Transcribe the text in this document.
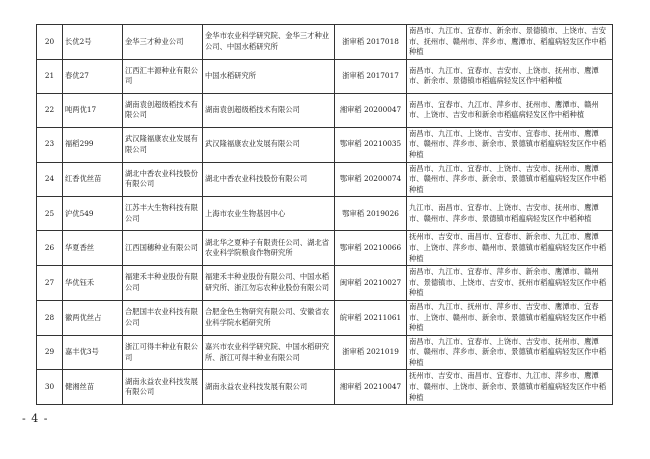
20	长优2号	金华三才种业公司	金华市农业科学研究院、金华三才种业公司、中国水稻研究所	浙审稻 2017018	南昌市、九江市、宜春市、新余市、景德镇市、上饶市、吉安市、抚州市、赣州市、萍乡市、鹰潭市、稻瘟病轻发区作中稻种植
21	春优27	江西汇丰源种业有限公司	中国水稻研究所	浙审稻 2017017	南昌市、九江市、宜春市、吉安市、上饶市、抚州市、鹰潭市、新余市、景德镇市稻瘟病轻发区作中稻种植
22	吨两优17	湖南袁创超级稻技术有限公司	湖南袁创超级稻技术有限公司	湘审稻 20200047	南昌市、宜春市、九江市、萍乡市、抚州市、鹰潭市、赣州市、上饶市、吉安市和新余市稻瘟病轻发区作中稻种植
23	福稻299	武汉隆福康农业发展有限公司	武汉隆福康农业发展有限公司	鄂审稻 20210035	南昌市、九江市、上饶市、吉安市、宜春市、抚州市、鹰潭市、赣州市、萍乡市、新余市、景德镇市稻瘟病轻发区作中稻种植
24	红香优丝苗	湖北中香农业科技股份有限公司	湖北中香农业科技股份有限公司	鄂审稻 20200074	南昌市、九江市、宜春市、上饶市、吉安市、抚州市、鹰潭市、赣州市、萍乡市、新余市、景德镇市稻瘟病轻发区作中稻种植
25	沪优549	江苏丰大生物科技有限公司	上海市农业生物基因中心	鄂审稻 2019026	九江市、南昌市、宜春市、上饶市、吉安市、抚州市、鹰潭市、赣州市、萍乡市、景德镇市稻瘟病轻发区作中稻种植
26	华夏香丝	江西国穗种业有限公司	湖北华之夏种子有限责任公司、湖北省农业科学院粮食作物研究所	鄂审稻 20210066	抚州市、吉安市、南昌市、宜春市、新余市、九江市、鹰潭市、上饶市、萍乡市、赣州市、景德镇市稻瘟病轻发区作中稻种植
27	华优钰禾	福建禾丰种业股份有限公司	福建禾丰种业股份有限公司、中国水稻研究所、浙江勿忘农种业股份有限公司	闽审稻 20210027	南昌市、九江市、宜春市、萍乡市、新余市、鹰潭市、赣州市、景德镇市、上饶市、吉安市、抚州市稻瘟病轻发区作中稻种植
28	徽两优丝占	合肥国丰农业科技有限公司	合肥金色生物研究有限公司、安徽省农业科学院水稻研究所	皖审稻 20211061	南昌市、九江市、抚州市、萍乡市、吉安市、鹰潭市、宜春市、上饶市、赣州市、新余市、景德镇市稻瘟病轻发区作中稻种植
29	嘉丰优3号	浙江可得丰种业有限公司	嘉兴市农业科学研究院、中国水稻研究所、浙江可得丰种业有限公司	浙审稻 2021019	南昌市、九江市、宜春市、上饶市、吉安市、抚州市、鹰潭市、赣州市、萍乡市、新余市、景德镇市稻瘟病轻发区作中稻种植
30	健湘丝苗	湖南永益农业科技发展有限公司	湖南永益农业科技发展有限公司	湘审稻 20210047	抚州市、吉安市、南昌市、宜春市、九江市、萍乡市、鹰潭市、赣州市、上饶市、新余市、景德镇市稻瘟病轻发区作中稻种植
- 4 -
